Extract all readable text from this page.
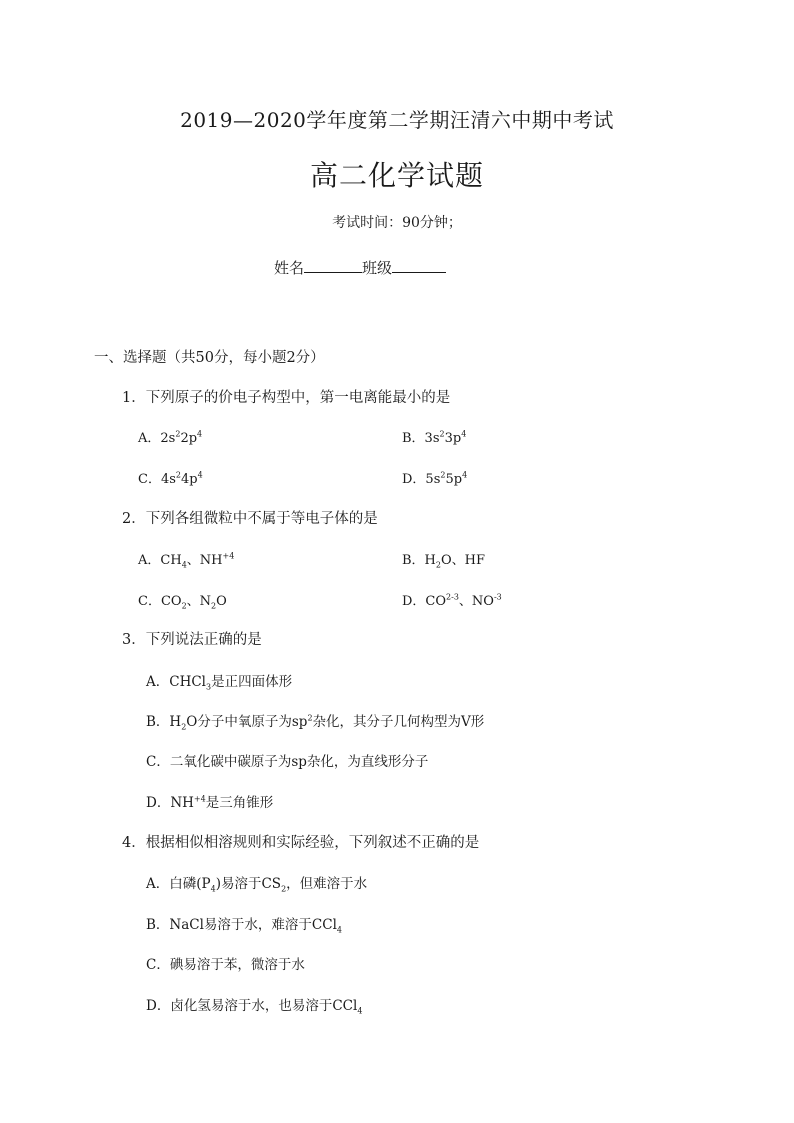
2019—2020学年度第二学期汪清六中期中考试
高二化学试题
考试时间：90分钟；
姓名	班级
一、选择题（共50分，每小题2分）
1．下列原子的价电子构型中，第一电离能最小的是
A．$2s^22p^4$	B．$3s^23p^4$
C．$4s^24p^4$	D．$5s^25p^4$
2．下列各组微粒中不属于等电子体的是
A．$CH_4$、$NH^{+4}$	B．$H_2O$、HF
C．$CO_2$、$N_2O$	D．CO$^{2-3}$、$NO^{-3}$
3．下列说法正确的是
A．CHCl$_3$是正四面体形
B．$H_2O$分子中氧原子为$sp^2$杂化，其分子几何构型为V形
C．二氧化碳中碳原子为sp杂化，为直线形分子
D．$NH^{+4}$是三角锥形
4．根据相似相溶规则和实际经验，下列叙述不正确的是
A．白磷$(P_4)$易溶于$CS_2$，但难溶于水
B．NaCl易溶于水，难溶于CCl$_4$
C．碘易溶于苯，微溶于水
D．卤化氢易溶于水，也易溶于CCl$_4$
